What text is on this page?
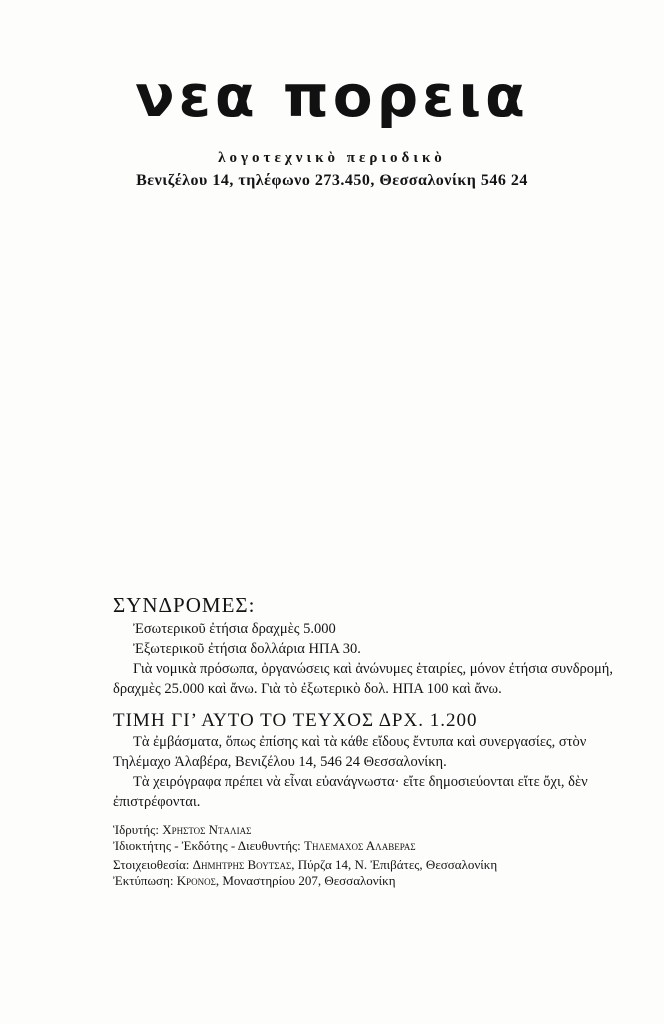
νεα πορεια
λογοτεχνικὸ περιοδικὸ
Βενιζέλου 14, τηλέφωνο 273.450, Θεσσαλονίκη 546 24
ΣΥΝΔΡΟΜΕΣ:

Ἐσωτερικοῦ ἐτήσια δραχμὲς 5.000

Ἐξωτερικοῦ ἐτήσια δολλάρια ΗΠΑ 30.

Γιὰ νομικὰ πρόσωπα, ὀργανώσεις καὶ ἀνώνυμες ἑταιρίες, μόνον ἐτήσια συνδρομή, δραχμὲς 25.000 καὶ ἄνω. Γιὰ τὸ ἐξωτερικὸ δολ. ΗΠΑ 100 καὶ ἄνω.

ΤΙΜΗ ΓΙ’ ΑΥΤΟ ΤΟ ΤΕΥΧΟΣ ΔΡΧ. 1.200

Τὰ ἐμβάσματα, ὅπως ἐπίσης καὶ τὰ κάθε εἴδους ἔντυπα καὶ συνεργασίες, στὸν Τηλέμαχο Ἀλαβέρα, Βενιζέλου 14, 546 24 Θεσσαλονίκη.

Τὰ χειρόγραφα πρέπει νὰ εἶναι εὐανάγνωστα· εἴτε δημοσιεύονται εἴτε ὄχι, δὲν ἐπιστρέφονται.

Ἱδρυτής: Χρηστος Ντaλιας
Ἰδιοκτήτης - Ἐκδότης - Διευθυντής: Τηλεμαχος Αλαβερας
Στοιχειοθεσία: Δημητρης Βουτσας, Πύρζα 14, Ν. Ἐπιβάτες, Θεσσαλονίκη
Ἐκτύπωση: Κρονος, Μοναστηρίου 207, Θεσσαλονίκη
